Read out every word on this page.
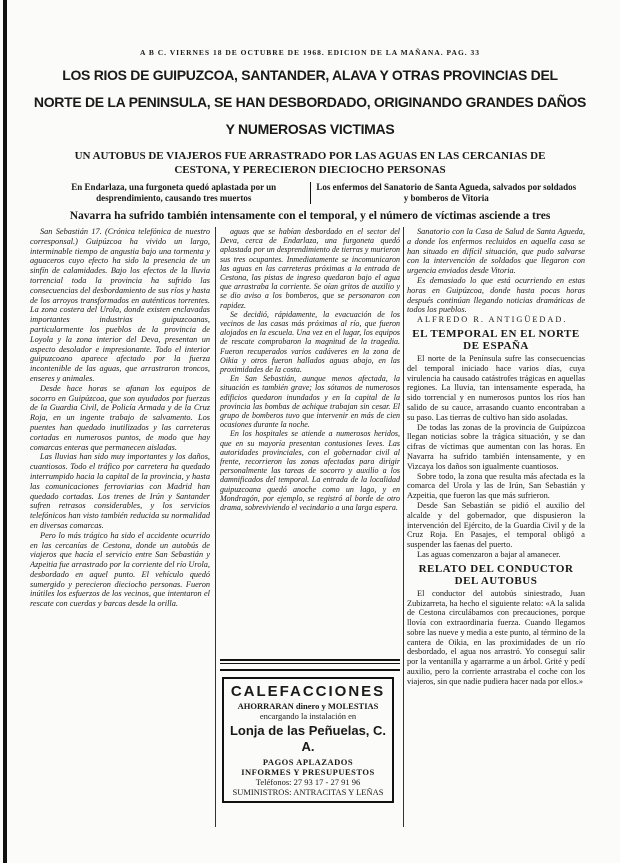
A B C. VIERNES 18 DE OCTUBRE DE 1968. EDICION DE LA MAÑANA. PAG. 33
LOS RIOS DE GUIPUZCOA, SANTANDER, ALAVA Y OTRAS PROVINCIAS DEL
NORTE DE LA PENINSULA, SE HAN DESBORDADO, ORIGINANDO GRANDES DAÑOS
Y NUMEROSAS VICTIMAS
UN AUTOBUS DE VIAJEROS FUE ARRASTRADO POR LAS AGUAS EN LAS CERCANIAS DE
CESTONA, Y PERECIERON DIECIOCHO PERSONAS
En Endarlaza, una furgoneta quedó aplastada por un desprendimiento, causando tres muertos
Los enfermos del Sanatorio de Santa Agueda, salvados por soldados y bomberos de Vitoria
Navarra ha sufrido también intensamente con el temporal, y el número de víctimas asciende a tres

San Sebastián 17. (Crónica telefónica de nuestro corresponsal.) Guipúzcoa ha vivido un largo, interminable tiempo de angustia bajo una tormenta y aguaceros cuyo efecto ha sido la presencia de un sinfín de calamidades. Bajo los efectos de la lluvia torrencial toda la provincia ha sufrido las consecuencias del desbordamiento de sus ríos y hasta de los arroyos transformados en auténticos torrentes. La zona costera del Urola, donde existen enclavadas importantes industrias guipuzcoanas, particularmente los pueblos de la provincia de Loyola y la zona interior del Deva, presentan un aspecto desolador e impresionante. Todo el interior guipuzcoano aparece afectado por la fuerza incontenible de las aguas, que arrastraron troncos, enseres y animales.

Desde hace horas se afanan los equipos de socorro en Guipúzcoa, que son ayudados por fuerzas de la Guardia Civil, de Policía Armada y de la Cruz Roja, en un ingente trabajo de salvamento. Los puentes han quedado inutilizados y las carreteras cortadas en numerosos puntos, de modo que hay comarcas enteras que permanecen aisladas.

Las lluvias han sido muy importantes y los daños, cuantiosos. Todo el tráfico por carretera ha quedado interrumpido hacia la capital de la provincia, y hasta las comunicaciones ferroviarias con Madrid han quedado cortadas. Los trenes de Irún y Santander sufren retrasos considerables, y los servicios telefónicos han visto también reducida su normalidad en diversas comarcas.

Pero lo más trágico ha sido el accidente ocurrido en las cercanías de Cestona, donde un autobús de viajeros que hacía el servicio entre San Sebastián y Azpeitia fue arrastrado por la corriente del río Urola, desbordado en aquel punto. El vehículo quedó sumergido y perecieron dieciocho personas. Fueron inútiles los esfuerzos de los vecinos, que intentaron el rescate con cuerdas y barcas desde la orilla.

aguas que se habían desbordado en el sector del Deva, cerca de Endarlaza, una furgoneta quedó aplastada por un desprendimiento de tierras y murieron sus tres ocupantes. Inmediatamente se incomunicaron las aguas en las carreteras próximas a la entrada de Cestona, las pistas de ingreso quedaron bajo el agua que arrastraba la corriente. Se oían gritos de auxilio y se dio aviso a los bomberos, que se personaron con rapidez.

Se decidió, rápidamente, la evacuación de los vecinos de las casas más próximas al río, que fueron alojados en la escuela. Una vez en el lugar, los equipos de rescate comprobaron la magnitud de la tragedia. Fueron recuperados varios cadáveres en la zona de Oikia y otros fueron hallados aguas abajo, en las proximidades de la costa.

En San Sebastián, aunque menos afectada, la situación es también grave; los sótanos de numerosos edificios quedaron inundados y en la capital de la provincia las bombas de achique trabajan sin cesar. El grupo de bomberos tuvo que intervenir en más de cien ocasiones durante la noche.

En los hospitales se atiende a numerosos heridos, que en su mayoría presentan contusiones leves. Las autoridades provinciales, con el gobernador civil al frente, recorrieron las zonas afectadas para dirigir personalmente las tareas de socorro y auxilio a los damnificados del temporal. La entrada de la localidad guipuzcoana quedó anoche como un lago, y en Mondragón, por ejemplo, se registró al borde de otro drama, sobreviviendo el vecindario a una larga espera.

CALEFACCIONES
AHORRARAN dinero y MOLESTIAS
encargando la instalación en
Lonja de las Peñuelas, C. A.
PAGOS APLAZADOS
INFORMES Y PRESUPUESTOS
Teléfonos: 27 93 17 - 27 91 96
SUMINISTROS: ANTRACITAS Y LEÑAS

Sanatorio con la Casa de Salud de Santa Agueda, a donde los enfermos recluidos en aquella casa se han situado en difícil situación, que pudo salvarse con la intervención de soldados que llegaron con urgencia enviados desde Vitoria.

Es demasiado lo que está ocurriendo en estas horas en Guipúzcoa, donde hasta pocas horas después continúan llegando noticias dramáticas de todos los pueblos.

ALFREDO R. ANTIGÜEDAD.

EL TEMPORAL EN EL NORTE DE ESPAÑA

El norte de la Península sufre las consecuencias del temporal iniciado hace varios días, cuya virulencia ha causado catástrofes trágicas en aquellas regiones. La lluvia, tan intensamente esperada, ha sido torrencial y en numerosos puntos los ríos han salido de su cauce, arrasando cuanto encontraban a su paso. Las tierras de cultivo han sido asoladas.

De todas las zonas de la provincia de Guipúzcoa llegan noticias sobre la trágica situación, y se dan cifras de víctimas que aumentan con las horas. En Navarra ha sufrido también intensamente, y en Vizcaya los daños son igualmente cuantiosos.

Sobre todo, la zona que resulta más afectada es la comarca del Urola y las de Irún, San Sebastián y Azpeitia, que fueron las que más sufrieron.

Desde San Sebastián se pidió el auxilio del alcalde y del gobernador, que dispusieron la intervención del Ejército, de la Guardia Civil y de la Cruz Roja. En Pasajes, el temporal obligó a suspender las faenas del puerto.

Las aguas comenzaron a bajar al amanecer.

RELATO DEL CONDUCTOR DEL AUTOBUS

El conductor del autobús siniestrado, Juan Zubizarreta, ha hecho el siguiente relato: «A la salida de Cestona circulábamos con precauciones, porque llovía con extraordinaria fuerza. Cuando llegamos sobre las nueve y media a este punto, al término de la cantera de Oikia, en las proximidades de un río desbordado, el agua nos arrastró. Yo conseguí salir por la ventanilla y agarrarme a un árbol. Grité y pedí auxilio, pero la corriente arrastraba el coche con los viajeros, sin que nadie pudiera hacer nada por ellos.»
